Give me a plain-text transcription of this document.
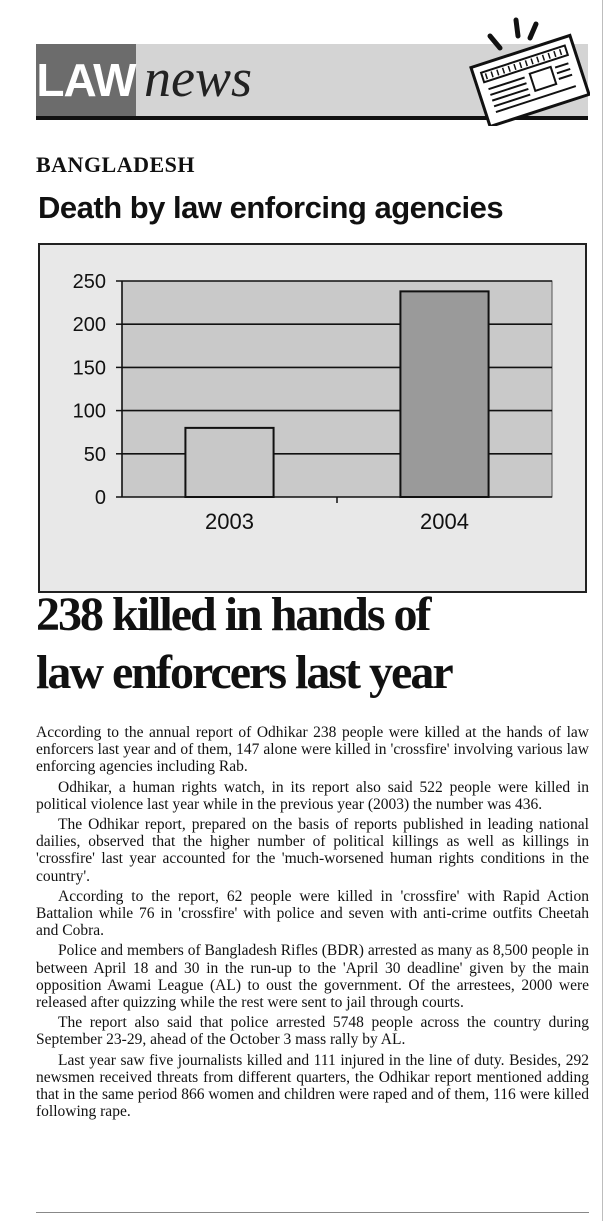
LAW news
BANGLADESH
Death by law enforcing agencies
250
200
150
100
50
0
2003	2004
238 killed in hands of
law enforcers last year

According to the annual report of Odhikar 238 people were killed at the hands of law enforcers last year and of them, 147 alone were killed in 'crossfire' involving various law enforcing agencies including Rab.

Odhikar, a human rights watch, in its report also said 522 people were killed in political violence last year while in the previous year (2003) the number was 436.

The Odhikar report, prepared on the basis of reports published in leading national dailies, observed that the higher number of political killings as well as killings in 'crossfire' last year accounted for the 'much-worsened human rights conditions in the country'.

According to the report, 62 people were killed in 'crossfire' with Rapid Action Battalion while 76 in 'crossfire' with police and seven with anti-crime outfits Cheetah and Cobra.

Police and members of Bangladesh Rifles (BDR) arrested as many as 8,500 people in between April 18 and 30 in the run-up to the 'April 30 deadline' given by the main opposition Awami League (AL) to oust the government. Of the arrestees, 2000 were released after quizzing while the rest were sent to jail through courts.

The report also said that police arrested 5748 people across the country during September 23-29, ahead of the October 3 mass rally by AL.

Last year saw five journalists killed and 111 injured in the line of duty. Besides, 292 newsmen received threats from different quarters, the Odhikar report mentioned adding that in the same period 866 women and children were raped and of them, 116 were killed following rape.
